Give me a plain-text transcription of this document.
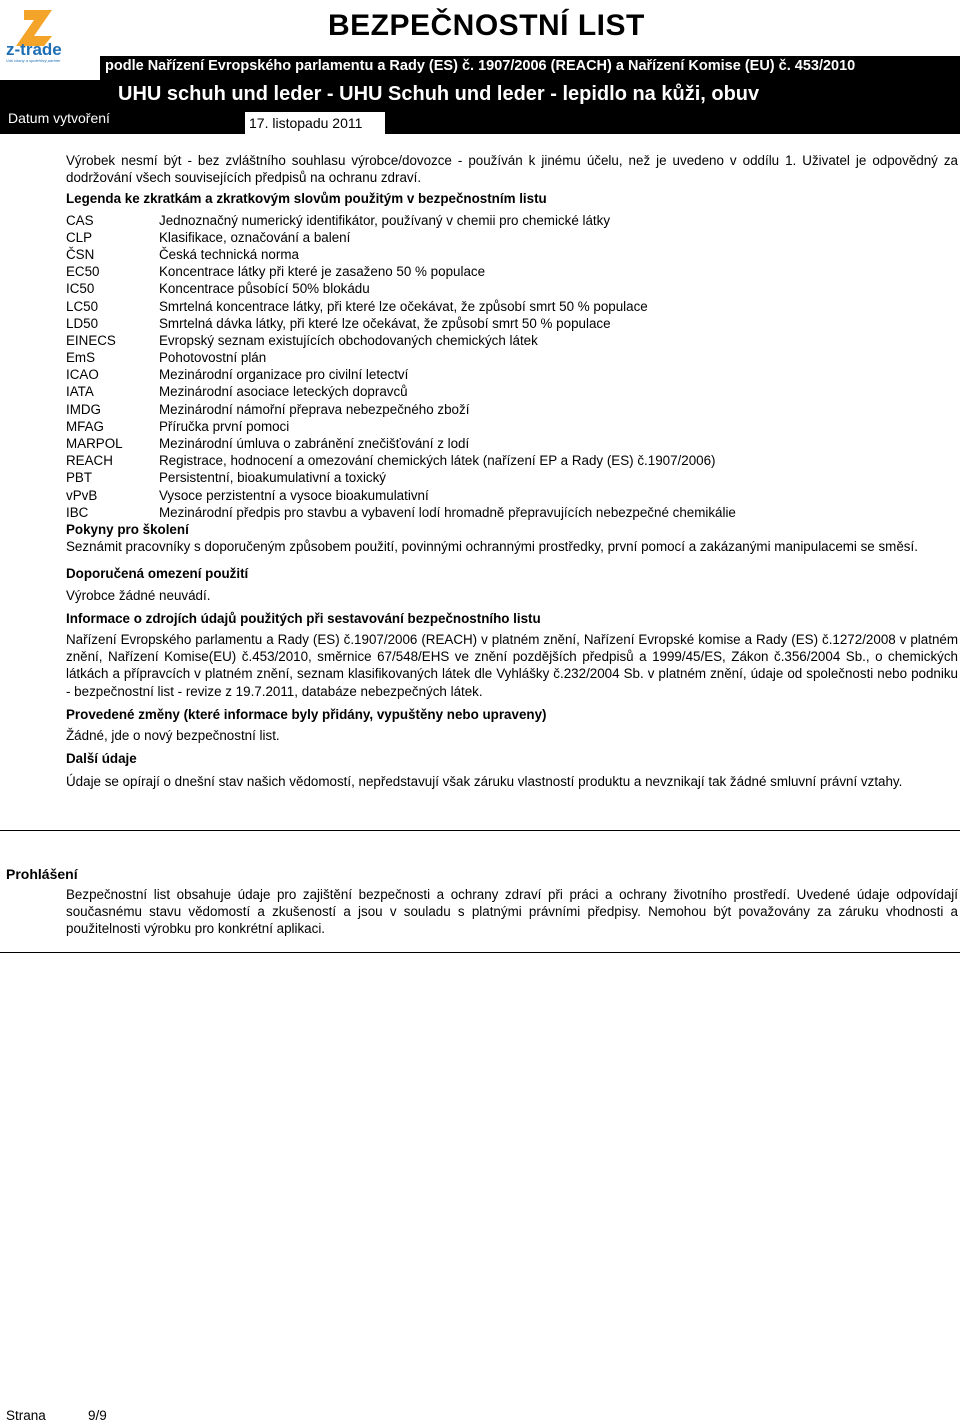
z-trade
Váš vítaný a spolehlivý partner
BEZPEČNOSTNÍ LIST
podle Nařízení Evropského parlamentu a Rady (ES) č. 1907/2006 (REACH) a Nařízení Komise (EU) č. 453/2010
UHU schuh und leder - UHU Schuh und leder - lepidlo na kůži, obuv
Datum vytvoření	17. listopadu 2011

Výrobek nesmí být - bez zvláštního souhlasu výrobce/dovozce - používán k jinému účelu, než je uvedeno v oddílu 1. Uživatel je odpovědný za dodržování všech souvisejících předpisů na ochranu zdraví.

Legenda ke zkratkám a zkratkovým slovům použitým v bezpečnostním listu

CAS	Jednoznačný numerický identifikátor, používaný v chemii pro chemické látky
CLP	Klasifikace, označování a balení
ČSN	Česká technická norma
EC50	Koncentrace látky při které je zasaženo 50 % populace
IC50	Koncentrace působící 50% blokádu
LC50	Smrtelná koncentrace látky, při které lze očekávat, že způsobí smrt 50 % populace
LD50	Smrtelná dávka látky, při které lze očekávat, že způsobí smrt 50 % populace
EINECS	Evropský seznam existujících obchodovaných chemických látek
EmS	Pohotovostní plán
ICAO	Mezinárodní organizace pro civilní letectví
IATA	Mezinárodní asociace leteckých dopravců
IMDG	Mezinárodní námořní přeprava nebezpečného zboží
MFAG	Příručka první pomoci
MARPOL	Mezinárodní úmluva o zabránění znečišťování z lodí
REACH	Registrace, hodnocení a omezování chemických látek (nařízení EP a Rady (ES) č.1907/2006)
PBT	Persistentní, bioakumulativní a toxický
vPvB	Vysoce perzistentní a vysoce bioakumulativní
IBC	Mezinárodní předpis pro stavbu a vybavení lodí hromadně přepravujících nebezpečné chemikálie

Pokyny pro školení

Seznámit pracovníky s doporučeným způsobem použití, povinnými ochrannými prostředky, první pomocí a zakázanými manipulacemi se směsí.

Doporučená omezení použití

Výrobce žádné neuvádí.

Informace o zdrojích údajů použitých při sestavování bezpečnostního listu

Nařízení Evropského parlamentu a Rady (ES) č.1907/2006 (REACH) v platném znění, Nařízení Evropské komise a Rady (ES) č.1272/2008 v platném znění, Nařízení Komise(EU) č.453/2010, směrnice 67/548/EHS ve znění pozdějších předpisů a 1999/45/ES, Zákon č.356/2004 Sb., o chemických látkách a přípravcích v platném znění, seznam klasifikovaných látek dle Vyhlášky č.232/2004 Sb. v platném znění, údaje od společnosti nebo podniku - bezpečnostní list - revize z 19.7.2011, databáze nebezpečných látek.

Provedené změny (které informace byly přidány, vypuštěny nebo upraveny)

Žádné, jde o nový bezpečnostní list.

Další údaje

Údaje se opírají o dnešní stav našich vědomostí, nepředstavují však záruku vlastností produktu a nevznikají tak žádné smluvní právní vztahy.

Prohlášení

Bezpečnostní list obsahuje údaje pro zajištění bezpečnosti a ochrany zdraví při práci a ochrany životního prostředí. Uvedené údaje odpovídají současnému stavu vědomostí a zkušeností a jsou v souladu s platnými právními předpisy. Nemohou být považovány za záruku vhodnosti a použitelnosti výrobku pro konkrétní aplikaci.

Strana	9/9
